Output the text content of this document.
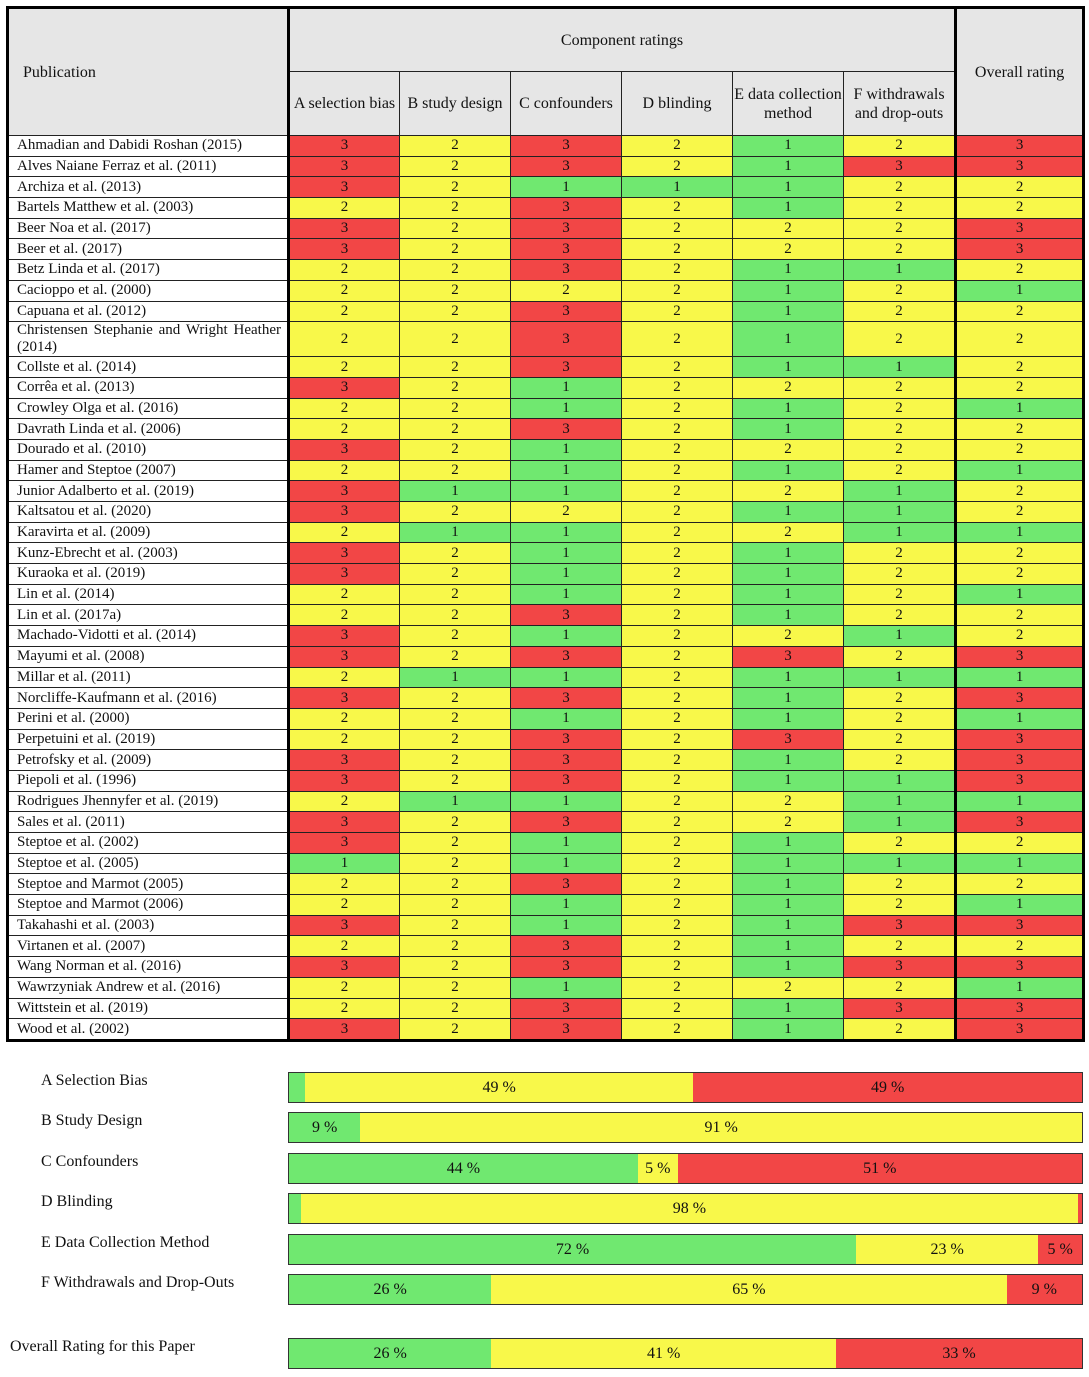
Publication	Component ratings						Overall rating
	A selection bias	B study design	C confounders	D blinding	E data collection method	F withdrawals and drop-outs	
Ahmadian and Dabidi Roshan (2015)	3	2	3	2	1	2	3
Alves Naiane Ferraz et al. (2011)	3	2	3	2	1	3	3
Archiza et al. (2013)	3	2	1	1	1	2	2
Bartels Matthew et al. (2003)	2	2	3	2	1	2	2
Beer Noa et al. (2017)	3	2	3	2	2	2	3
Beer et al. (2017)	3	2	3	2	2	2	3
Betz Linda et al. (2017)	2	2	3	2	1	1	2
Cacioppo et al. (2000)	2	2	2	2	1	2	1
Capuana et al. (2012)	2	2	3	2	1	2	2
Christensen Stephanie and Wright Heather (2014)	2	2	3	2	1	2	2
Collste et al. (2014)	2	2	3	2	1	1	2
Corrêa et al. (2013)	3	2	1	2	2	2	2
Crowley Olga et al. (2016)	2	2	1	2	1	2	1
Davrath Linda et al. (2006)	2	2	3	2	1	2	2
Dourado et al. (2010)	3	2	1	2	2	2	2
Hamer and Steptoe (2007)	2	2	1	2	1	2	1
Junior Adalberto et al. (2019)	3	1	1	2	2	1	2
Kaltsatou et al. (2020)	3	2	2	2	1	1	2
Karavirta et al. (2009)	2	1	1	2	2	1	1
Kunz-Ebrecht et al. (2003)	3	2	1	2	1	2	2
Kuraoka et al. (2019)	3	2	1	2	1	2	2
Lin et al. (2014)	2	2	1	2	1	2	1
Lin et al. (2017a)	2	2	3	2	1	2	2
Machado-Vidotti et al. (2014)	3	2	1	2	2	1	2
Mayumi et al. (2008)	3	2	3	2	3	2	3
Millar et al. (2011)	2	1	1	2	1	1	1
Norcliffe-Kaufmann et al. (2016)	3	2	3	2	1	2	3
Perini et al. (2000)	2	2	1	2	1	2	1
Perpetuini et al. (2019)	2	2	3	2	3	2	3
Petrofsky et al. (2009)	3	2	3	2	1	2	3
Piepoli et al. (1996)	3	2	3	2	1	1	3
Rodrigues Jhennyfer et al. (2019)	2	1	1	2	2	1	1
Sales et al. (2011)	3	2	3	2	2	1	3
Steptoe et al. (2002)	3	2	1	2	1	2	2
Steptoe et al. (2005)	1	2	1	2	1	1	1
Steptoe and Marmot (2005)	2	2	3	2	1	2	2
Steptoe and Marmot (2006)	2	2	1	2	1	2	1
Takahashi et al. (2003)	3	2	1	2	1	3	3
Virtanen et al. (2007)	2	2	3	2	1	2	2
Wang Norman et al. (2016)	3	2	3	2	1	3	3
Wawrzyniak Andrew et al. (2016)	2	2	1	2	2	2	1
Wittstein et al. (2019)	2	2	3	2	1	3	3
Wood et al. (2002)	3	2	3	2	1	2	3
A Selection Bias	49 %	49 %
B Study Design	9 %	91 %
C Confounders	44 %	5 %	51 %
D Blinding	98 %
E Data Collection Method	72 %	23 %	5 %
F Withdrawals and Drop-Outs	26 %	65 %	9 %
Overall Rating for this Paper	26 %	41 %	33 %
